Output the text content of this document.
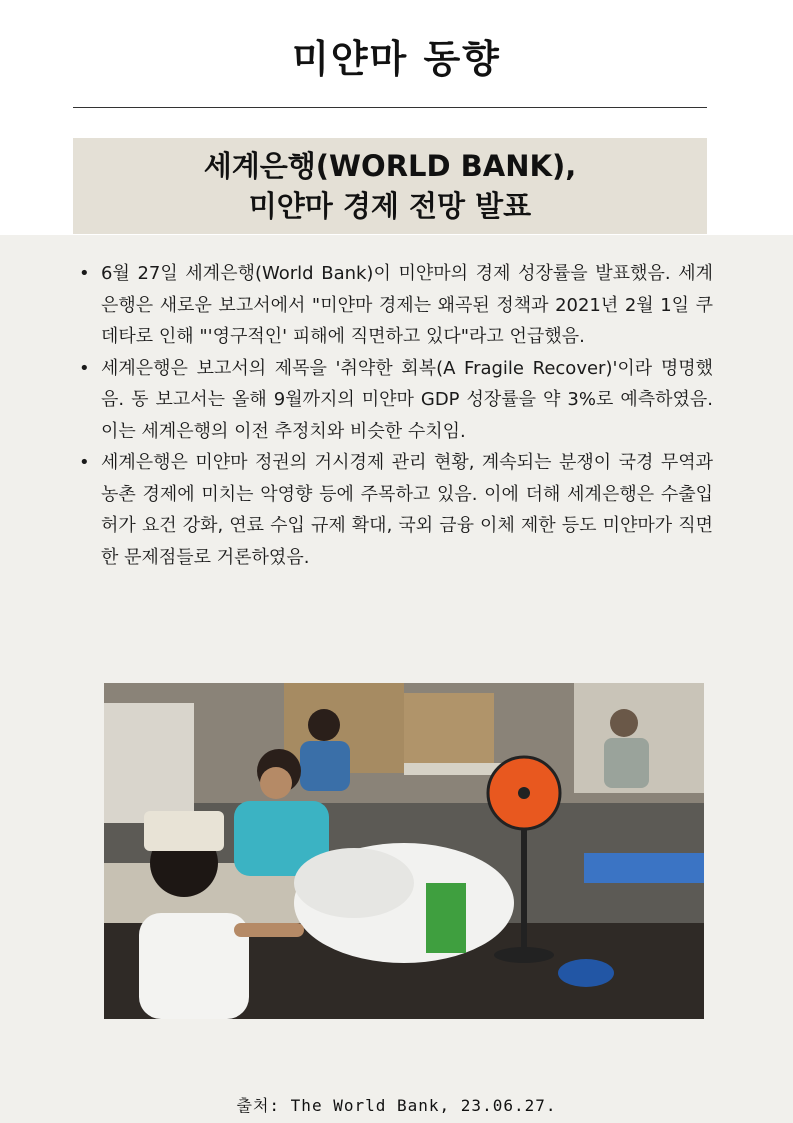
미얀마 동향
세계은행(WORLD BANK),
미얀마 경제 전망 발표
• 6월 27일 세계은행(World Bank)이 미얀마의 경제 성장률을 발표했음. 세계은행은 새로운 보고서에서 "미얀마 경제는 왜곡된 정책과 2021년 2월 1일 쿠데타로 인해 "'영구적인' 피해에 직면하고 있다"라고 언급했음.
• 세계은행은 보고서의 제목을 '취약한 회복(A Fragile Recover)'이라 명명했음. 동 보고서는 올해 9월까지의 미얀마 GDP 성장률을 약 3%로 예측하였음. 이는 세계은행의 이전 추정치와 비슷한 수치임.
• 세계은행은 미얀마 정권의 거시경제 관리 현황, 계속되는 분쟁이 국경 무역과 농촌 경제에 미치는 악영향 등에 주목하고 있음. 이에 더해 세계은행은 수출입 허가 요건 강화, 연료 수입 규제 확대, 국외 금융 이체 제한 등도 미얀마가 직면한 문제점들로 거론하였음.
출처: The World Bank, 23.06.27.
